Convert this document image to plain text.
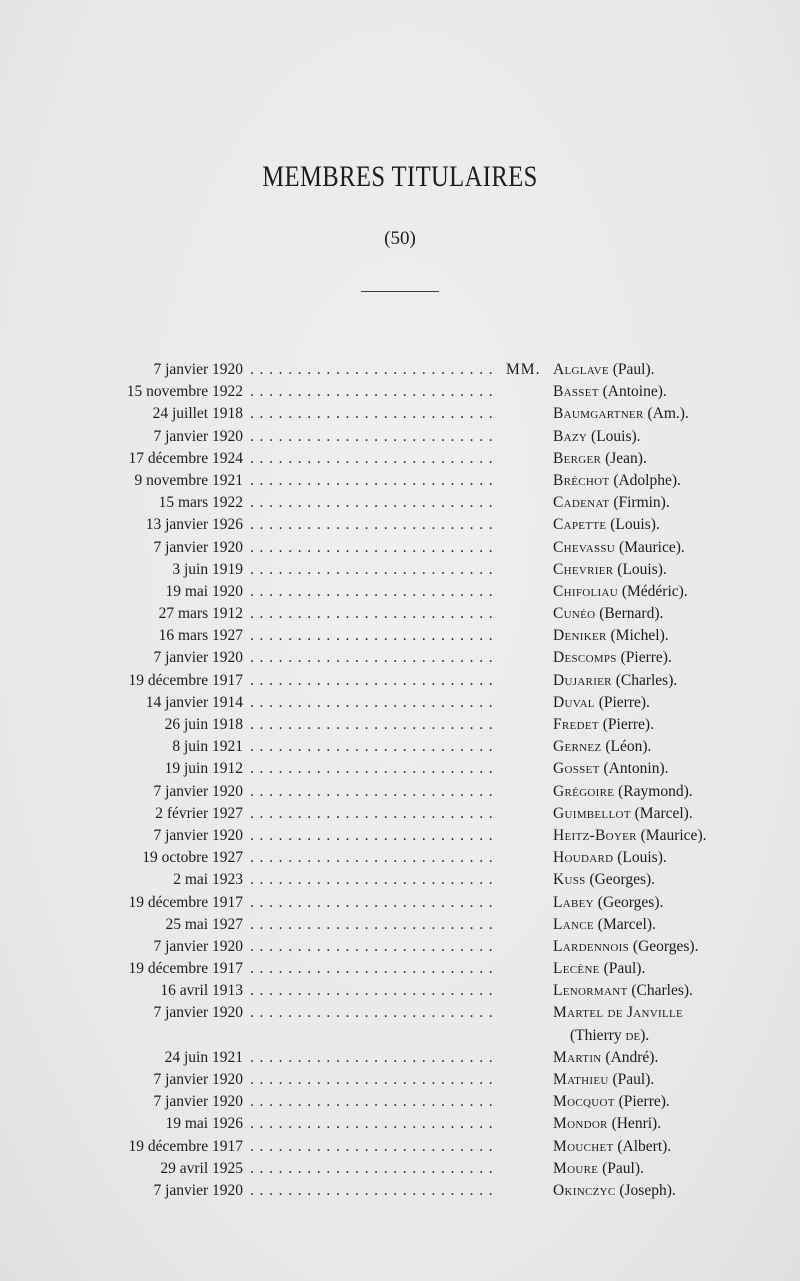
MEMBRES TITULAIRES
(50)
7 janvier 1920 . . .	MM. Alglave (Paul).
15 novembre 1922 . . .	Basset (Antoine).
24 juillet 1918 . . .	Baumgartner (Am.).
7 janvier 1920 . . .	Bazy (Louis).
17 décembre 1924 . . .	Berger (Jean).
9 novembre 1921 . . .	Bréchot (Adolphe).
15 mars 1922 . . .	Cadenat (Firmin).
13 janvier 1926 . . .	Capette (Louis).
7 janvier 1920 . . .	Chevassu (Maurice).
3 juin 1919 . . .	Chevrier (Louis).
19 mai 1920 . . .	Chifoliau (Médéric).
27 mars 1912 . . .	Cunéo (Bernard).
16 mars 1927 . . .	Deniker (Michel).
7 janvier 1920 . . .	Descomps (Pierre).
19 décembre 1917 . . .	Dujarier (Charles).
14 janvier 1914 . . .	Duval (Pierre).
26 juin 1918 . . .	Fredet (Pierre).
8 juin 1921 . . .	Gernez (Léon).
19 juin 1912 . . .	Gosset (Antonin).
7 janvier 1920 . . .	Grégoire (Raymond).
2 février 1927 . . .	Guimbellot (Marcel).
7 janvier 1920 . . .	Heitz-Boyer (Maurice).
19 octobre 1927 . . .	Houdard (Louis).
2 mai 1923 . . .	Kuss (Georges).
19 décembre 1917 . . .	Labey (Georges).
25 mai 1927 . . .	Lance (Marcel).
7 janvier 1920 . . .	Lardennois (Georges).
19 décembre 1917 . . .	Lecène (Paul).
16 avril 1913 . . .	Lenormant (Charles).
7 janvier 1920 . . .	Martel de Janville
(Thierry de).
24 juin 1921 . . .	Martin (André).
7 janvier 1920 . . .	Mathieu (Paul).
7 janvier 1920 . . .	Mocquot (Pierre).
19 mai 1926 . . .	Mondor (Henri).
19 décembre 1917 . . .	Mouchet (Albert).
29 avril 1925 . . .	Moure (Paul).
7 janvier 1920 . . .	Okinczyc (Joseph).
